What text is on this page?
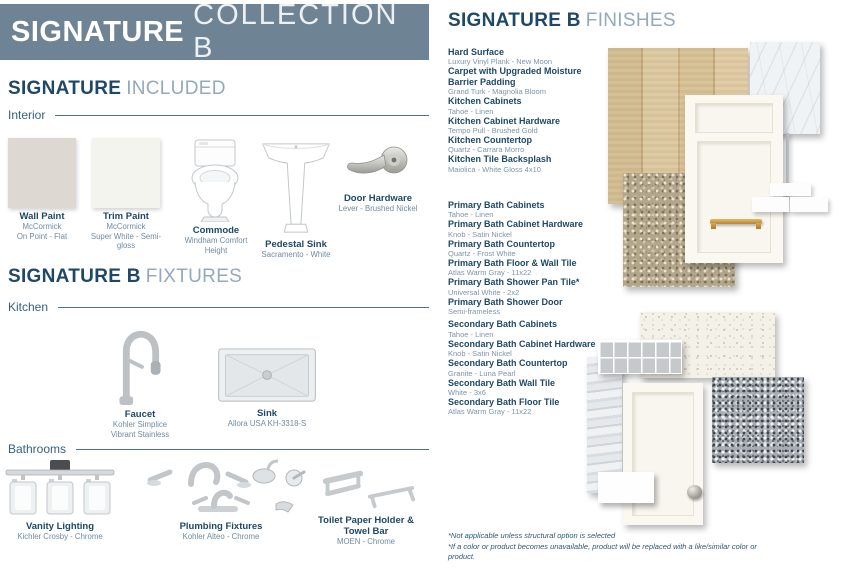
SIGNATURE
COLLECTION B
SIGNATURE INCLUDED
Interior
Wall Paint
McCormick
On Point - Flat
Trim Paint
McCormick
Super White - Semi-gloss
Commode
Windham Comfort Height	Pedestal Sink
Sacramento - White
Door Hardware
Lever - Brushed Nickel
SIGNATURE B FIXTURES
Kitchen
Faucet
Kohler Simplice
Vibrant Stainless
Sink
Allora USA KH-3318-S
Bathrooms
Vanity Lighting
Kichler Crosby - Chrome
Plumbing Fixtures
Kohler Alteo - Chrome
Toilet Paper Holder & Towel Bar
MOEN - Chrome
SIGNATURE B FINISHES
Hard Surface
Luxury Vinyl Plank - New Moon
Carpet with Upgraded Moisture Barrier Padding
Grand Turk - Magnolia Bloom
Kitchen Cabinets
Tahoe - Linen
Kitchen Cabinet Hardware
Tempo Pull - Brushed Gold
Kitchen Countertop
Quartz - Carrara Morro
Kitchen Tile Backsplash
Maiolica - White Gloss 4x10
Primary Bath Cabinets
Tahoe - Linen
Primary Bath Cabinet Hardware
Knob - Satin Nickel
Primary Bath Countertop
Quartz - Frost White
Primary Bath Floor & Wall Tile
Atlas Warm Gray - 11x22
Primary Bath Shower Pan Tile*
Universal White - 2x2
Primary Bath Shower Door
Semi-frameless
Secondary Bath Cabinets
Tahoe - Linen
Secondary Bath Cabinet Hardware
Knob - Satin Nickel
Secondary Bath Countertop
Granite - Luna Pearl
Secondary Bath Wall Tile
White - 3x6
Secondary Bath Floor Tile
Atlas Warm Gray - 11x22
*Not applicable unless structural option is selected
*If a color or product becomes unavailable, product will be replaced with a like/similar color or product.
